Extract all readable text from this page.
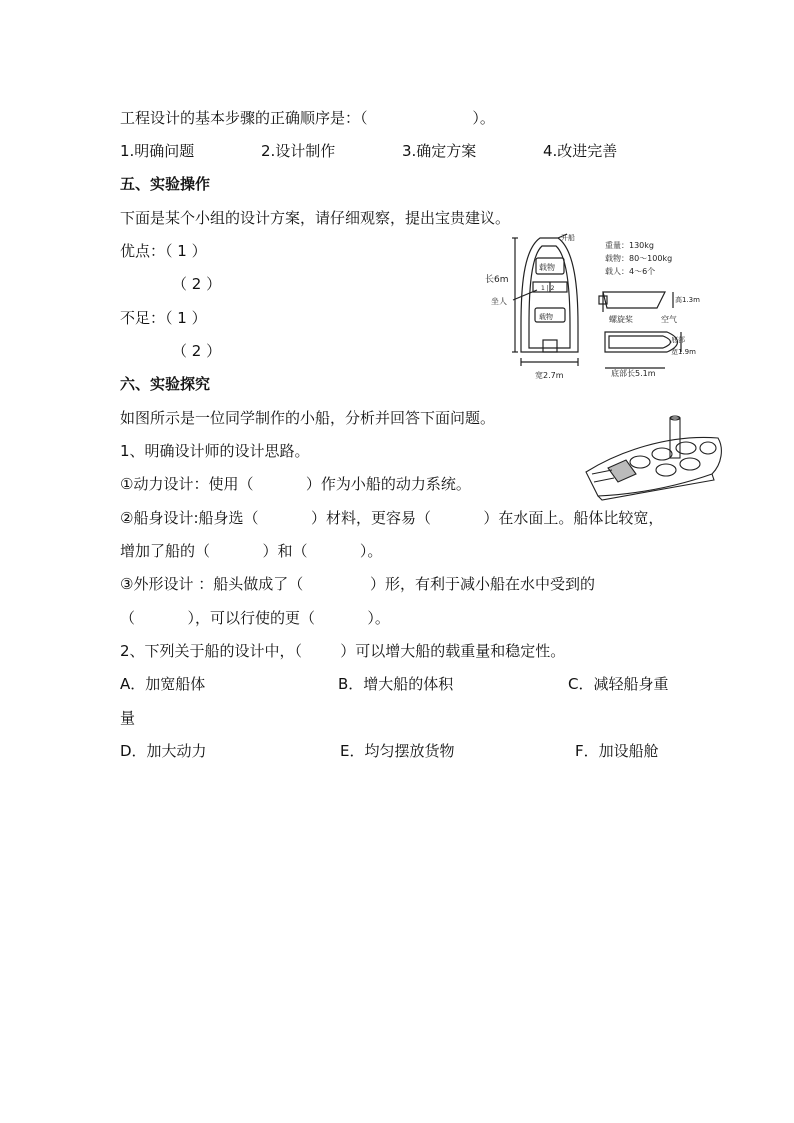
工程设计的基本步骤的正确顺序是：（                      ）。
1.明确问题	2.设计制作	3.确定方案	4.改进完善
五、实验操作
下面是某个小组的设计方案，请仔细观察，提出宝贵建议。
优点：（ 1 ）
（ 2 ）
不足：（ 1 ）
（ 2 ）
开船
长6m
载物
1 | 2
坐人
载物
宽2.7m
重量：130kg
载物：80～100kg
载人：4～6个
高1.3m
螺旋桨	空气
底部
宽1.9m
底部长5.1m
六、实验探究
如图所示是一位同学制作的小船，分析并回答下面问题。
1、明确设计师的设计思路。
①动力设计：使用（           ）作为小船的动力系统。
②船身设计:船身选（           ）材料，更容易（           ）在水面上。船体比较宽，
增加了船的（           ）和（           ）。
③外形设计 ：船头做成了（              ）形，有利于减小船在水中受到的
（           ），可以行使的更（           ）。
2、下列关于船的设计中，（        ）可以增大船的载重量和稳定性。
A．加宽船体	B．增大船的体积	C．减轻船身重
量
D．加大动力	E．均匀摆放货物	F．加设船舱
